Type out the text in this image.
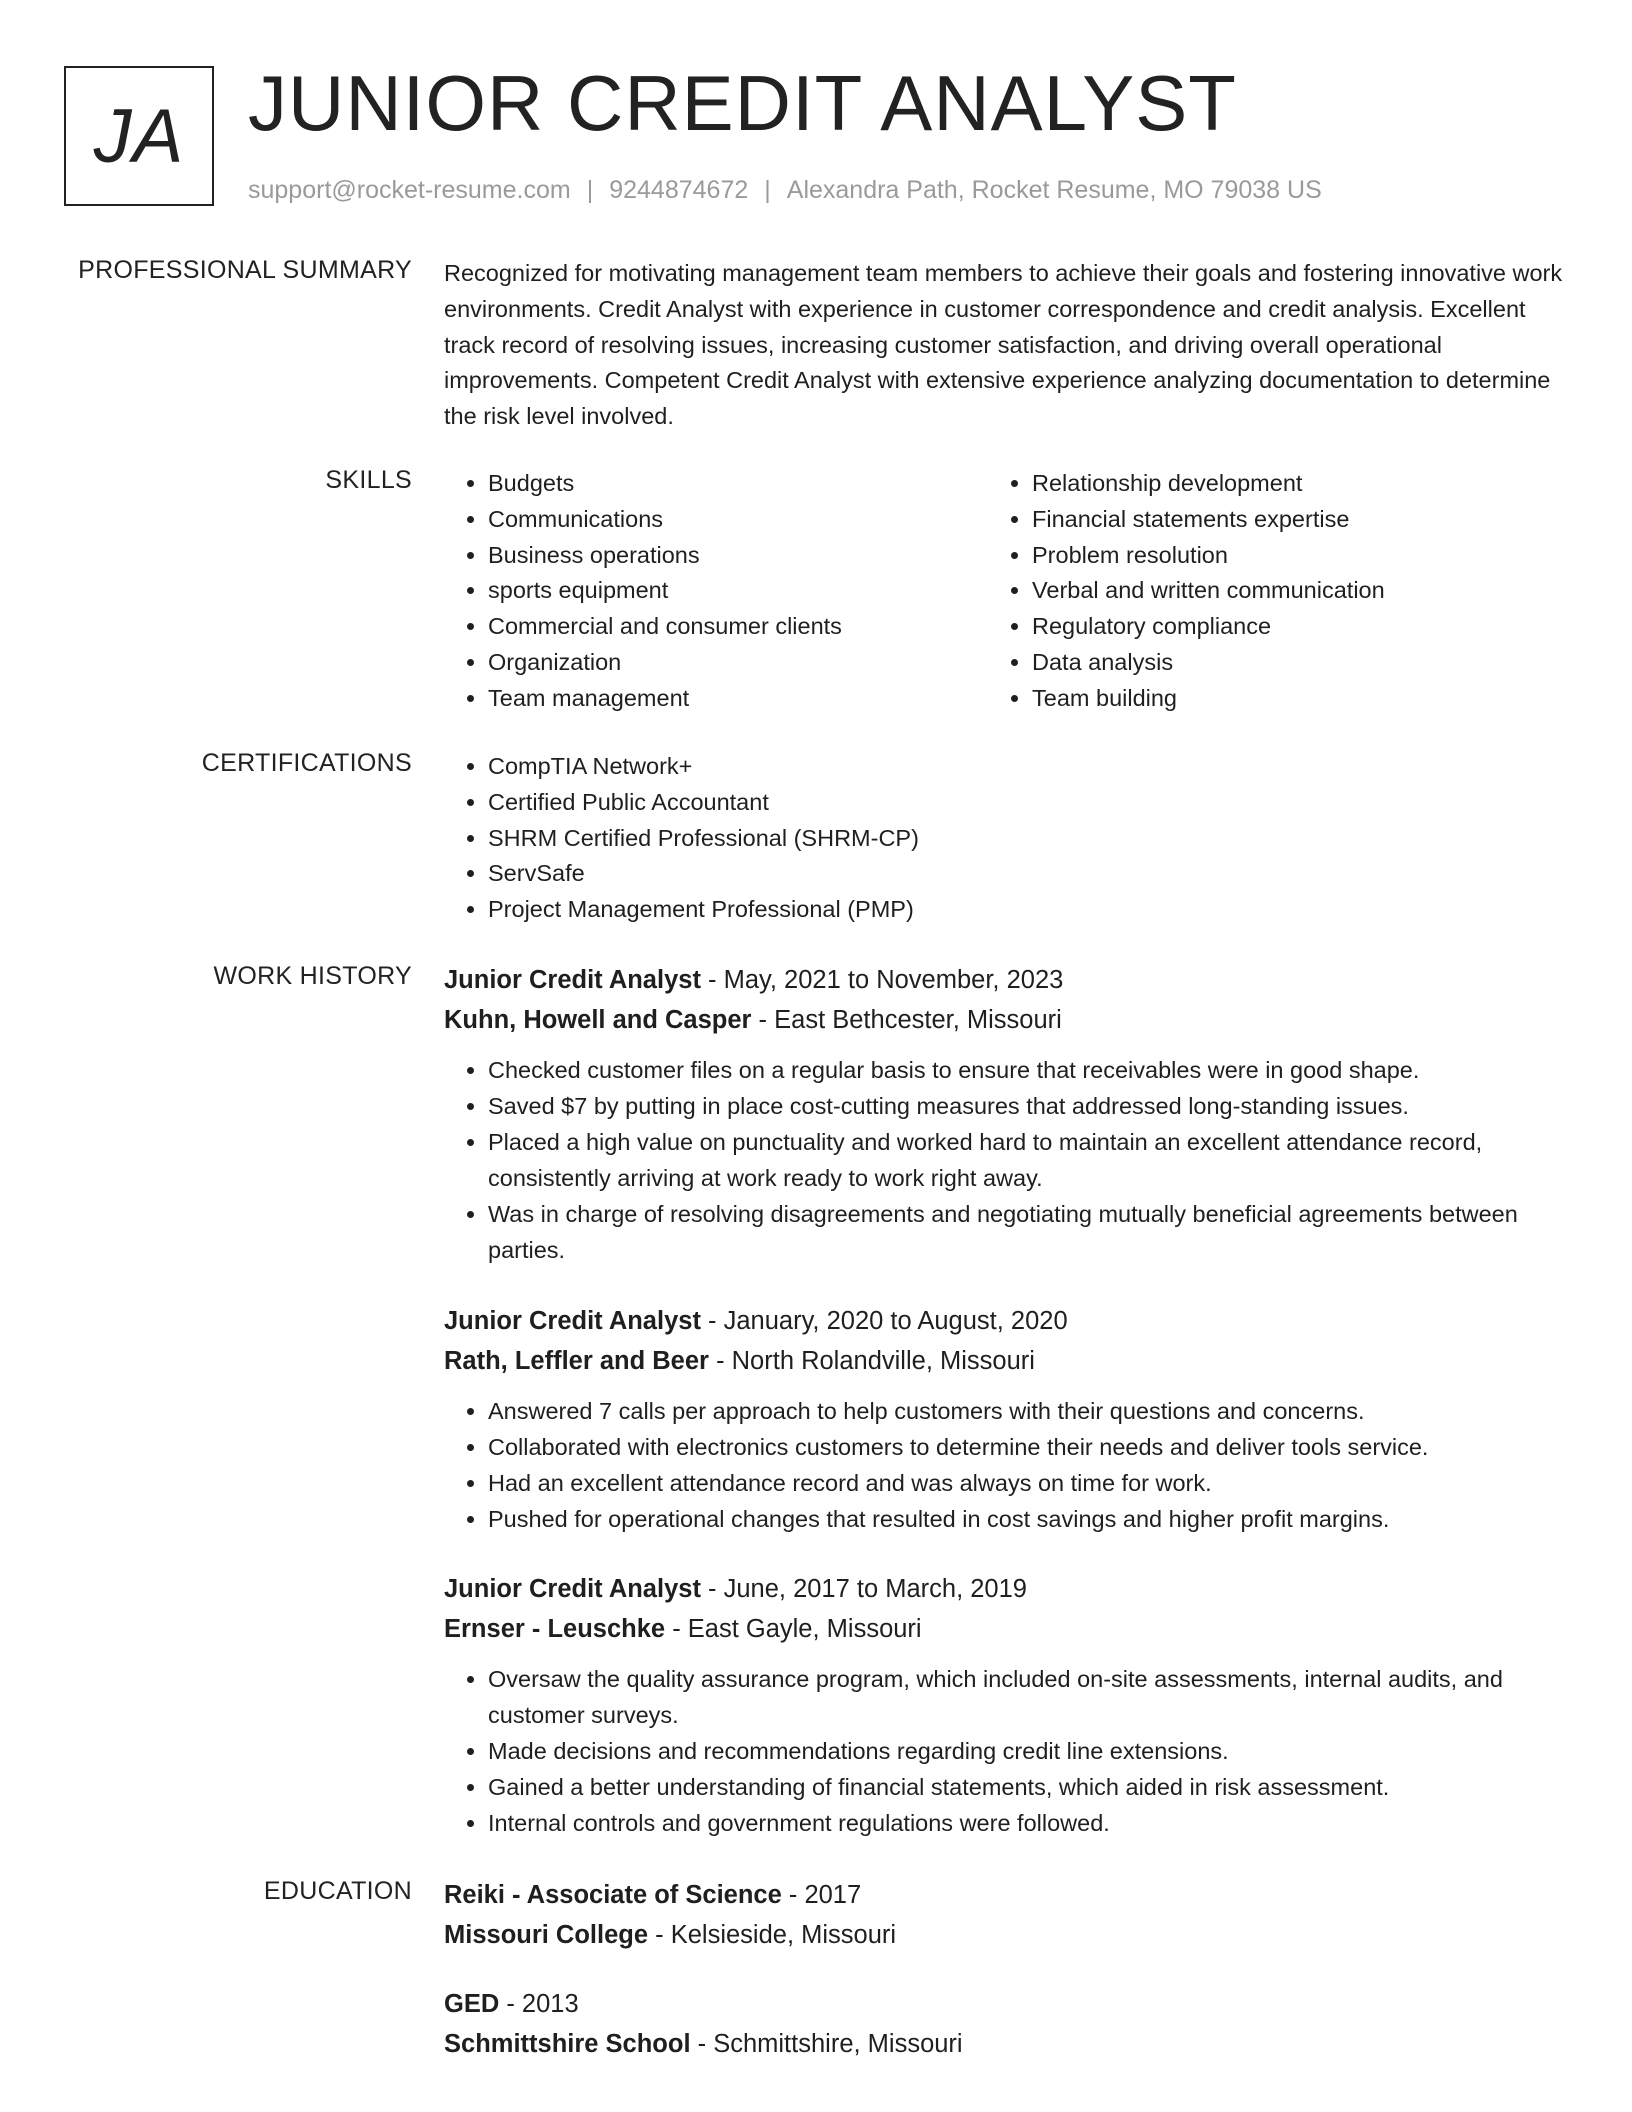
JA JUNIOR CREDIT ANALYST
support@rocket-resume.com | 9244874672 | Alexandra Path, Rocket Resume, MO 79038 US
PROFESSIONAL SUMMARY Recognized for motivating management team members to achieve their goals and fostering innovative work environments. Credit Analyst with experience in customer correspondence and credit analysis. Excellent track record of resolving issues, increasing customer satisfaction, and driving overall operational improvements. Competent Credit Analyst with extensive experience analyzing documentation to determine the risk level involved.
SKILLS	• Budgets
• Communications
• Business operations
• sports equipment
• Commercial and consumer clients
• Organization
• Team management
• Relationship development
• Financial statements expertise
• Problem resolution
• Verbal and written communication
• Regulatory compliance
• Data analysis
• Team building
CERTIFICATIONS	• CompTIA Network+
• Certified Public Accountant
• SHRM Certified Professional (SHRM-CP)
• ServSafe
• Project Management Professional (PMP)
WORK HISTORY Junior Credit Analyst - May, 2021 to November, 2023
Kuhn, Howell and Casper - East Bethcester, Missouri
• Checked customer files on a regular basis to ensure that receivables were in good shape.
• Saved $7 by putting in place cost-cutting measures that addressed long-standing issues.
• Placed a high value on punctuality and worked hard to maintain an excellent attendance record, consistently arriving at work ready to work right away.
• Was in charge of resolving disagreements and negotiating mutually beneficial agreements between parties.
Junior Credit Analyst - January, 2020 to August, 2020
Rath, Leffler and Beer - North Rolandville, Missouri
• Answered 7 calls per approach to help customers with their questions and concerns.
• Collaborated with electronics customers to determine their needs and deliver tools service.
• Had an excellent attendance record and was always on time for work.
• Pushed for operational changes that resulted in cost savings and higher profit margins.
Junior Credit Analyst - June, 2017 to March, 2019
Ernser - Leuschke - East Gayle, Missouri
• Oversaw the quality assurance program, which included on-site assessments, internal audits, and customer surveys.
• Made decisions and recommendations regarding credit line extensions.
• Gained a better understanding of financial statements, which aided in risk assessment.
• Internal controls and government regulations were followed.
EDUCATION Reiki - Associate of Science - 2017
Missouri College - Kelsieside, Missouri
GED - 2013
Schmittshire School - Schmittshire, Missouri
